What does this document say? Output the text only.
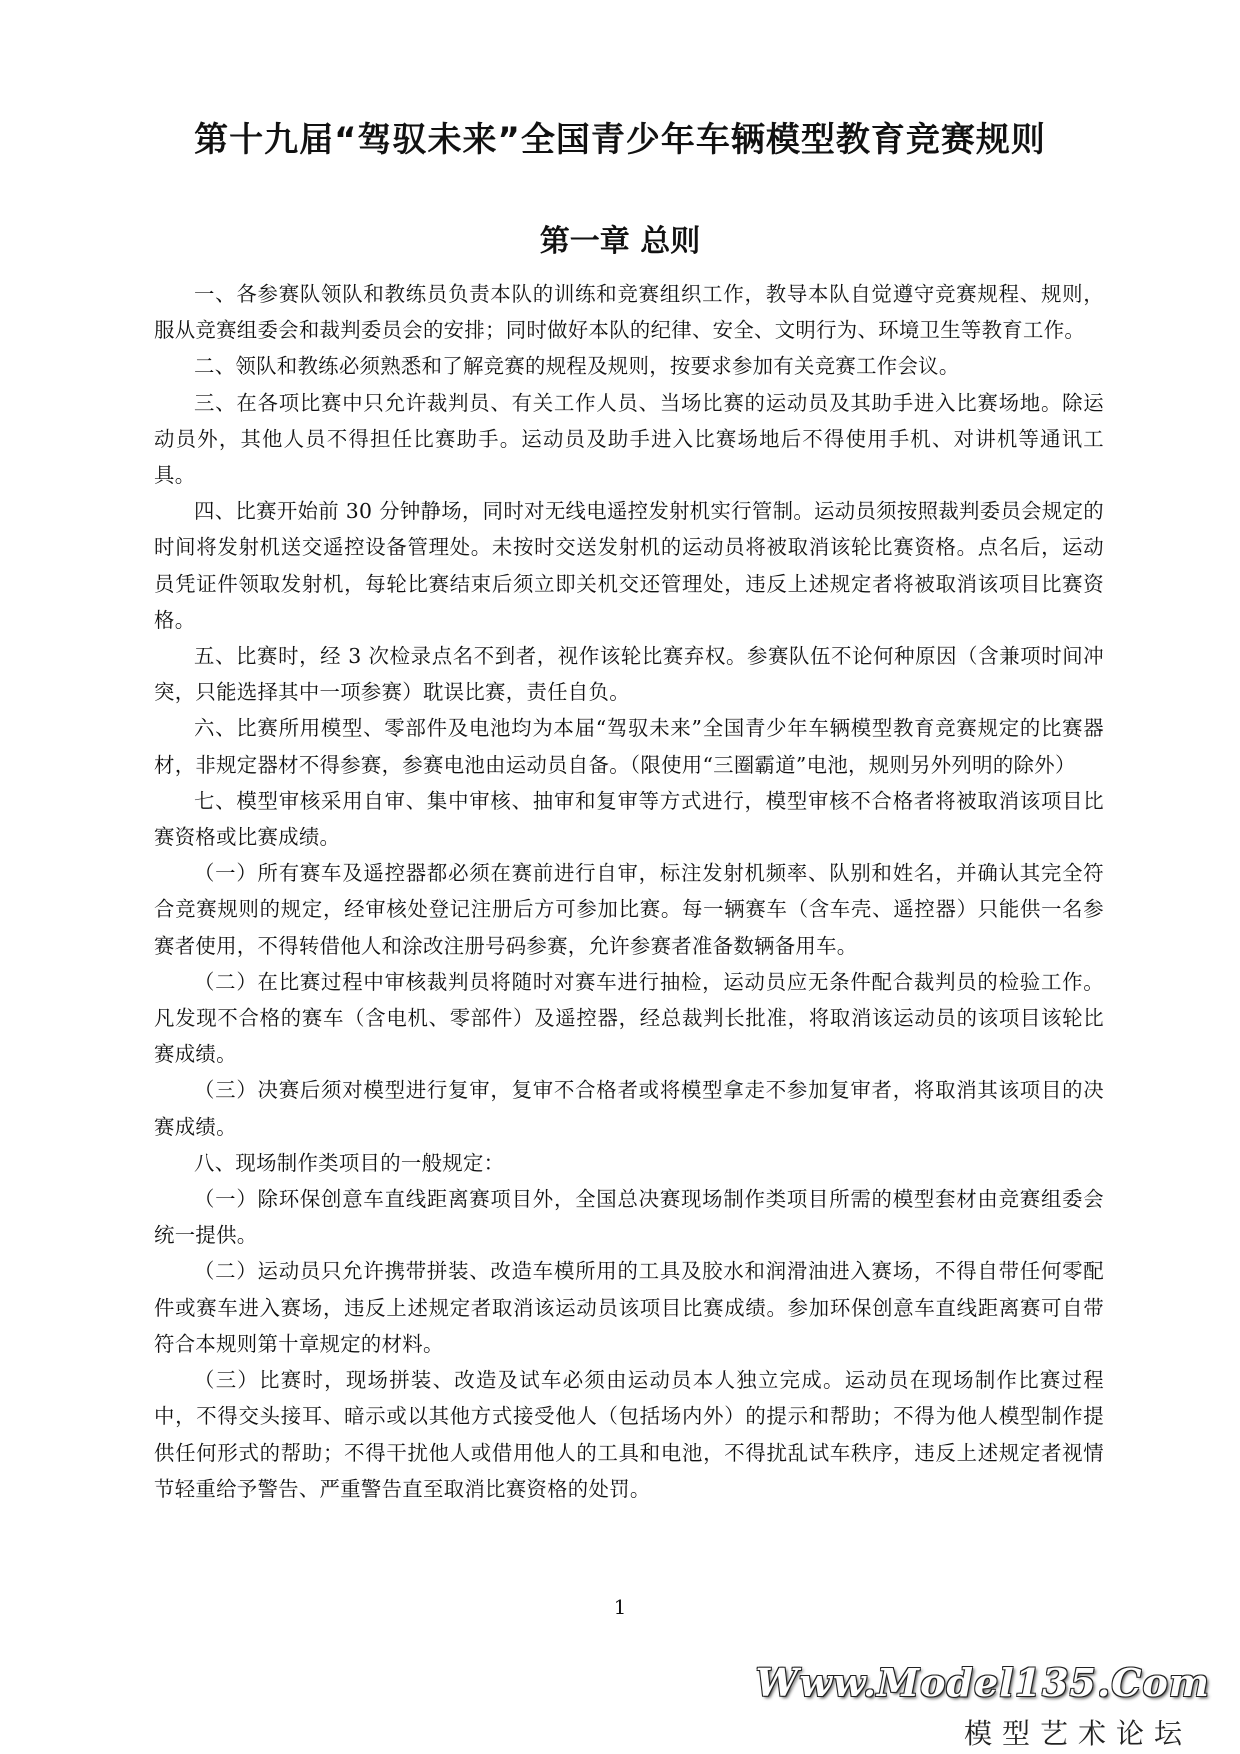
第十九届“驾驭未来”全国青少年车辆模型教育竞赛规则
第一章 总则

一、各参赛队领队和教练员负责本队的训练和竞赛组织工作，教导本队自觉遵守竞赛规程、规则，服从竞赛组委会和裁判委员会的安排；同时做好本队的纪律、安全、文明行为、环境卫生等教育工作。

二、领队和教练必须熟悉和了解竞赛的规程及规则，按要求参加有关竞赛工作会议。

三、在各项比赛中只允许裁判员、有关工作人员、当场比赛的运动员及其助手进入比赛场地。除运动员外，其他人员不得担任比赛助手。运动员及助手进入比赛场地后不得使用手机、对讲机等通讯工具。

四、比赛开始前 30 分钟静场，同时对无线电遥控发射机实行管制。运动员须按照裁判委员会规定的时间将发射机送交遥控设备管理处。未按时交送发射机的运动员将被取消该轮比赛资格。点名后，运动员凭证件领取发射机，每轮比赛结束后须立即关机交还管理处，违反上述规定者将被取消该项目比赛资格。

五、比赛时，经 3 次检录点名不到者，视作该轮比赛弃权。参赛队伍不论何种原因（含兼项时间冲突，只能选择其中一项参赛）耽误比赛，责任自负。

六、比赛所用模型、零部件及电池均为本届“驾驭未来”全国青少年车辆模型教育竞赛规定的比赛器材，非规定器材不得参赛，参赛电池由运动员自备。（限使用“三圈霸道”电池，规则另外列明的除外）

七、模型审核采用自审、集中审核、抽审和复审等方式进行，模型审核不合格者将被取消该项目比赛资格或比赛成绩。

（一）所有赛车及遥控器都必须在赛前进行自审，标注发射机频率、队别和姓名，并确认其完全符合竞赛规则的规定，经审核处登记注册后方可参加比赛。每一辆赛车（含车壳、遥控器）只能供一名参赛者使用，不得转借他人和涂改注册号码参赛，允许参赛者准备数辆备用车。

（二）在比赛过程中审核裁判员将随时对赛车进行抽检，运动员应无条件配合裁判员的检验工作。凡发现不合格的赛车（含电机、零部件）及遥控器，经总裁判长批准，将取消该运动员的该项目该轮比赛成绩。

（三）决赛后须对模型进行复审，复审不合格者或将模型拿走不参加复审者，将取消其该项目的决赛成绩。

八、现场制作类项目的一般规定：

（一）除环保创意车直线距离赛项目外，全国总决赛现场制作类项目所需的模型套材由竞赛组委会统一提供。

（二）运动员只允许携带拼装、改造车模所用的工具及胶水和润滑油进入赛场，不得自带任何零配件或赛车进入赛场，违反上述规定者取消该运动员该项目比赛成绩。参加环保创意车直线距离赛可自带符合本规则第十章规定的材料。

（三）比赛时，现场拼装、改造及试车必须由运动员本人独立完成。运动员在现场制作比赛过程中，不得交头接耳、暗示或以其他方式接受他人（包括场内外）的提示和帮助；不得为他人模型制作提供任何形式的帮助；不得干扰他人或借用他人的工具和电池，不得扰乱试车秩序，违反上述规定者视情节轻重给予警告、严重警告直至取消比赛资格的处罚。

1
Www.Model135.Com
模型艺术论坛
